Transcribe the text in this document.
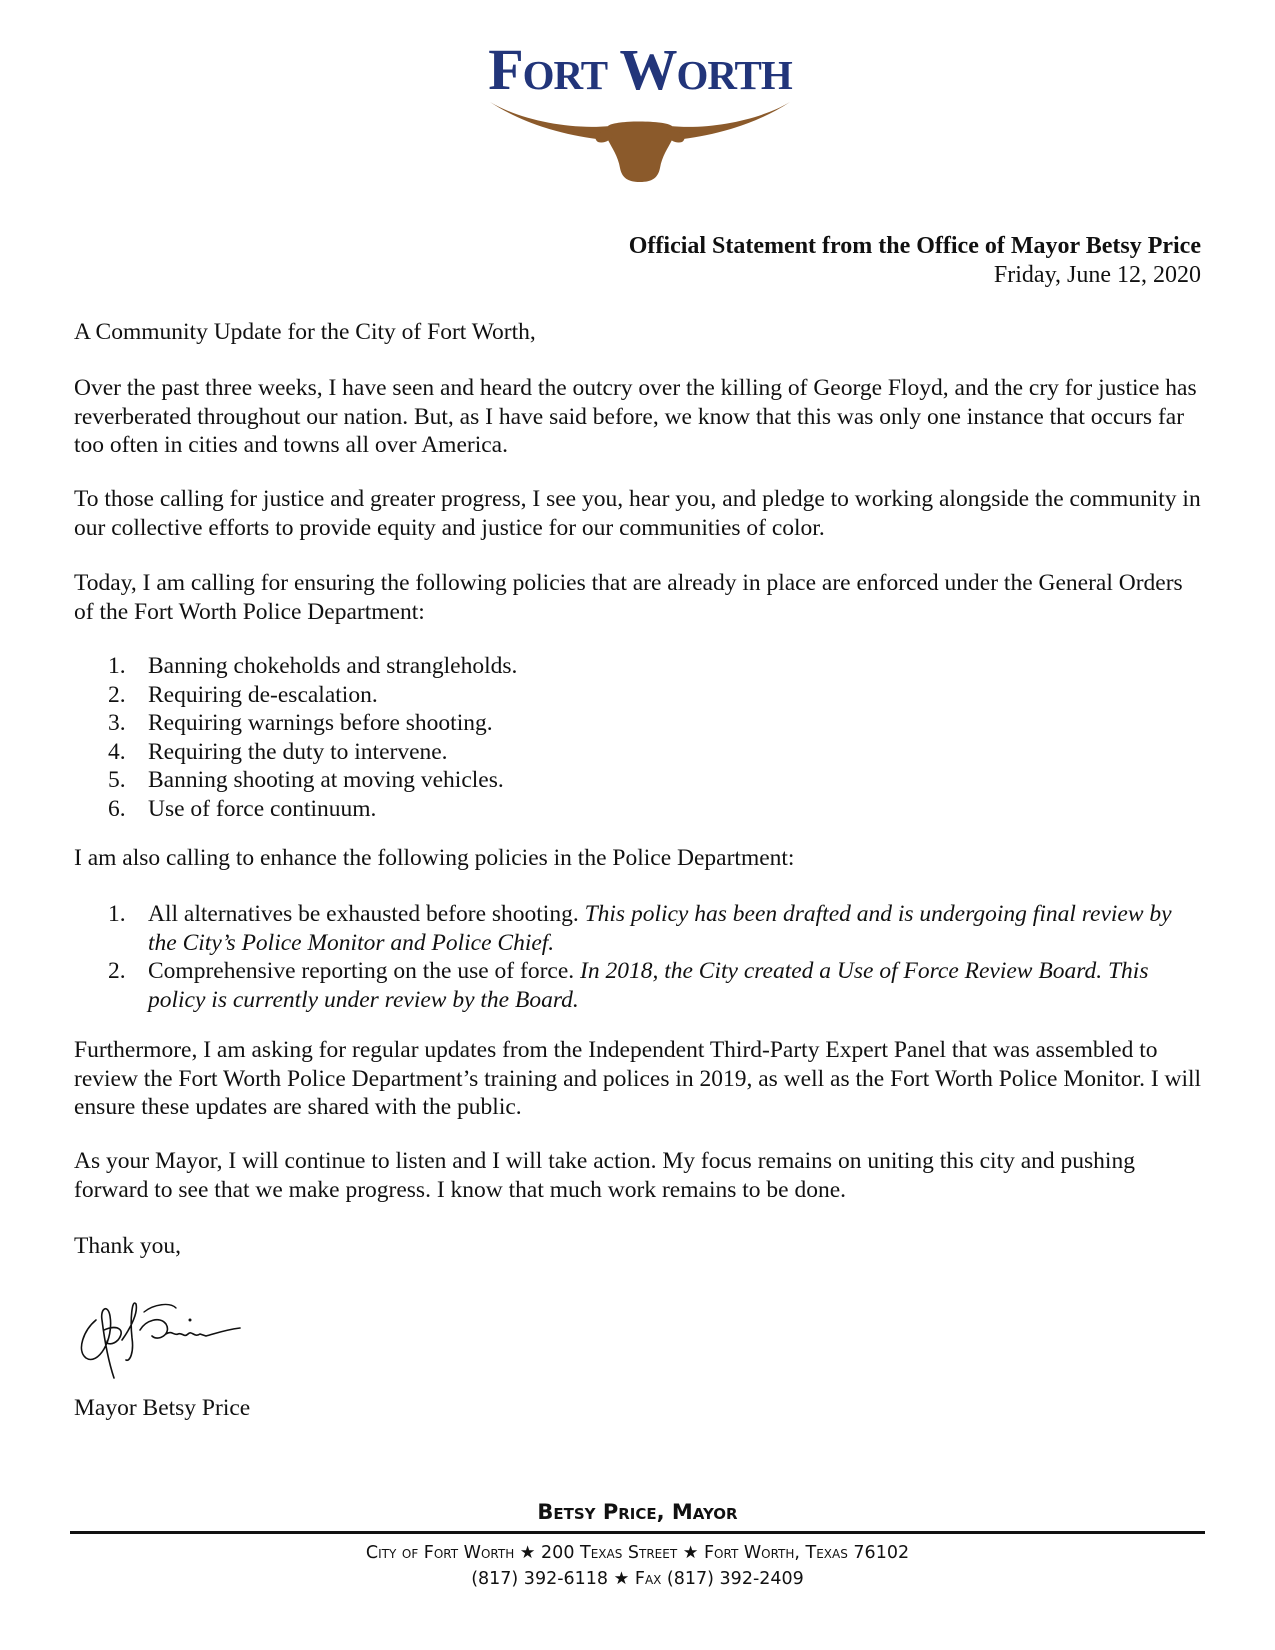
Fort Worth
Official Statement from the Office of Mayor Betsy Price
Friday, June 12, 2020

A Community Update for the City of Fort Worth,

Over the past three weeks, I have seen and heard the outcry over the killing of George Floyd, and the cry for justice has reverberated throughout our nation. But, as I have said before, we know that this was only one instance that occurs far too often in cities and towns all over America.

To those calling for justice and greater progress, I see you, hear you, and pledge to working alongside the community in our collective efforts to provide equity and justice for our communities of color.

Today, I am calling for ensuring the following policies that are already in place are enforced under the General Orders of the Fort Worth Police Department:

1. Banning chokeholds and strangleholds.
2. Requiring de-escalation.
3. Requiring warnings before shooting.
4. Requiring the duty to intervene.
5. Banning shooting at moving vehicles.
6. Use of force continuum.

I am also calling to enhance the following policies in the Police Department:

1. All alternatives be exhausted before shooting. This policy has been drafted and is undergoing final review by the City’s Police Monitor and Police Chief.
2. Comprehensive reporting on the use of force. In 2018, the City created a Use of Force Review Board. This policy is currently under review by the Board.

Furthermore, I am asking for regular updates from the Independent Third-Party Expert Panel that was assembled to review the Fort Worth Police Department’s training and polices in 2019, as well as the Fort Worth Police Monitor. I will ensure these updates are shared with the public.

As your Mayor, I will continue to listen and I will take action. My focus remains on uniting this city and pushing forward to see that we make progress. I know that much work remains to be done.

Thank you,

Mayor Betsy Price

Betsy Price, Mayor
City of Fort Worth ★ 200 Texas Street ★ Fort Worth, Texas 76102
(817) 392-6118 ★ Fax (817) 392-2409
